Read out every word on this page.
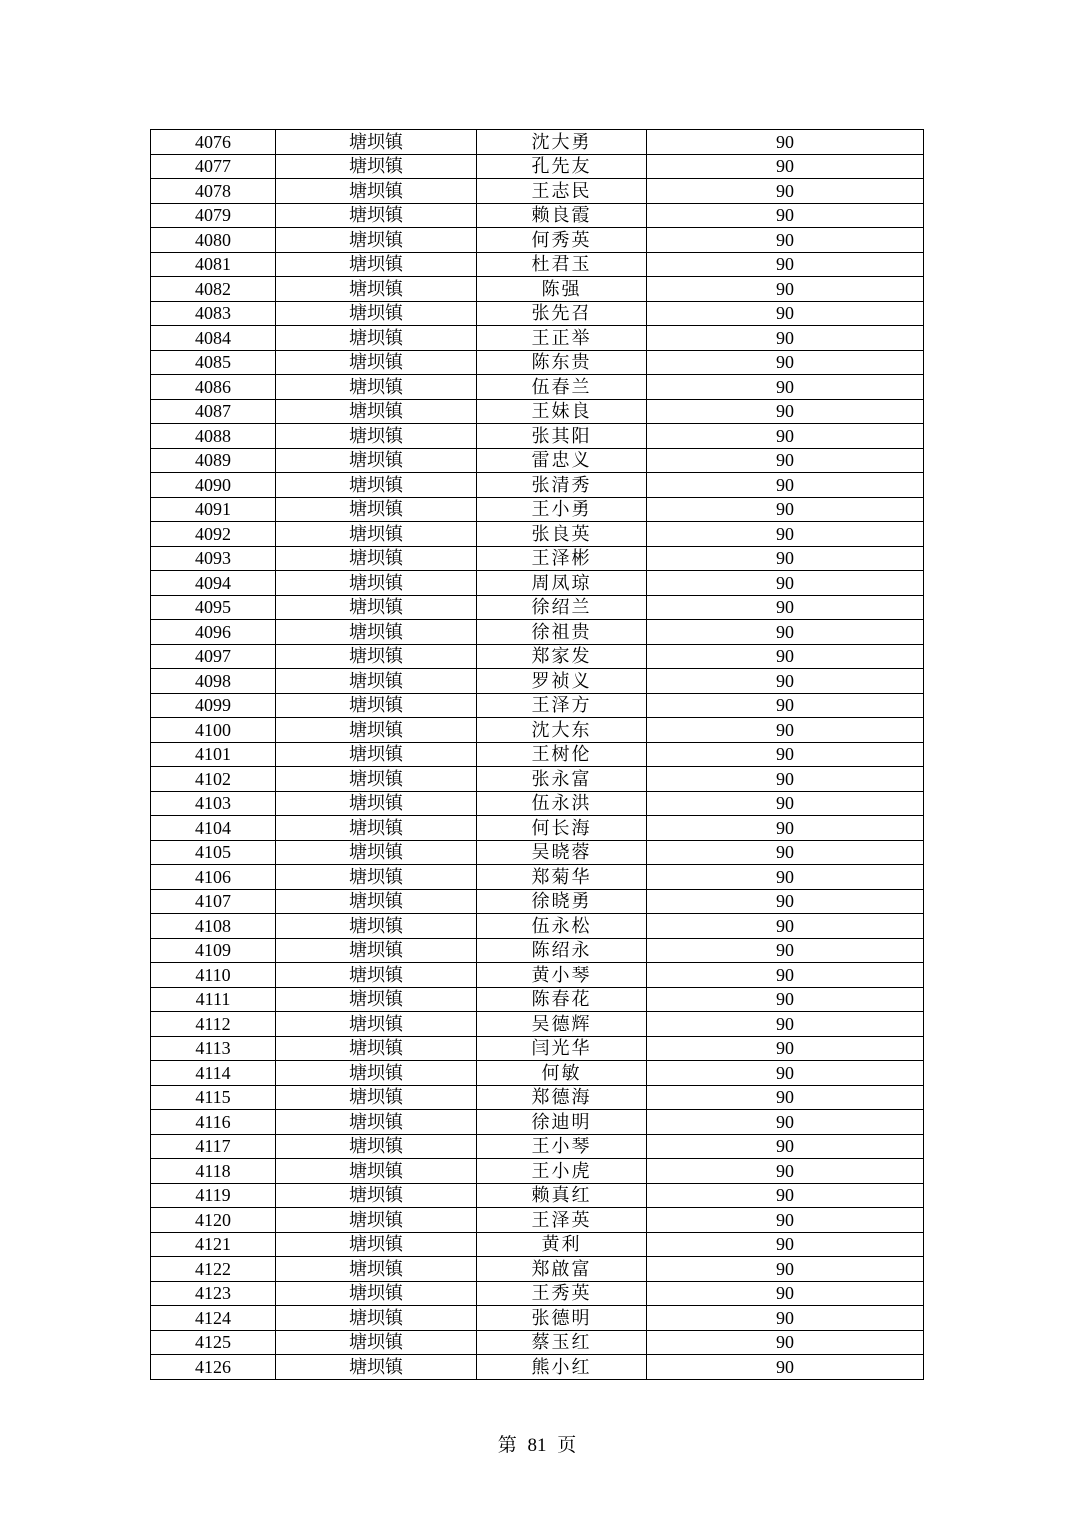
4076	塘坝镇	沈大勇	90
4077	塘坝镇	孔先友	90
4078	塘坝镇	王志民	90
4079	塘坝镇	赖良霞	90
4080	塘坝镇	何秀英	90
4081	塘坝镇	杜君玉	90
4082	塘坝镇	陈强	90
4083	塘坝镇	张先召	90
4084	塘坝镇	王正举	90
4085	塘坝镇	陈东贵	90
4086	塘坝镇	伍春兰	90
4087	塘坝镇	王妹良	90
4088	塘坝镇	张其阳	90
4089	塘坝镇	雷忠义	90
4090	塘坝镇	张清秀	90
4091	塘坝镇	王小勇	90
4092	塘坝镇	张良英	90
4093	塘坝镇	王泽彬	90
4094	塘坝镇	周凤琼	90
4095	塘坝镇	徐绍兰	90
4096	塘坝镇	徐祖贵	90
4097	塘坝镇	郑家发	90
4098	塘坝镇	罗祯义	90
4099	塘坝镇	王泽方	90
4100	塘坝镇	沈大东	90
4101	塘坝镇	王树伦	90
4102	塘坝镇	张永富	90
4103	塘坝镇	伍永洪	90
4104	塘坝镇	何长海	90
4105	塘坝镇	吴晓蓉	90
4106	塘坝镇	郑菊华	90
4107	塘坝镇	徐晓勇	90
4108	塘坝镇	伍永松	90
4109	塘坝镇	陈绍永	90
4110	塘坝镇	黄小琴	90
4111	塘坝镇	陈春花	90
4112	塘坝镇	吴德辉	90
4113	塘坝镇	闫光华	90
4114	塘坝镇	何敏	90
4115	塘坝镇	郑德海	90
4116	塘坝镇	徐迪明	90
4117	塘坝镇	王小琴	90
4118	塘坝镇	王小虎	90
4119	塘坝镇	赖真红	90
4120	塘坝镇	王泽英	90
4121	塘坝镇	黄利	90
4122	塘坝镇	郑啟富	90
4123	塘坝镇	王秀英	90
4124	塘坝镇	张德明	90
4125	塘坝镇	蔡玉红	90
4126	塘坝镇	熊小红	90
第 81 页
